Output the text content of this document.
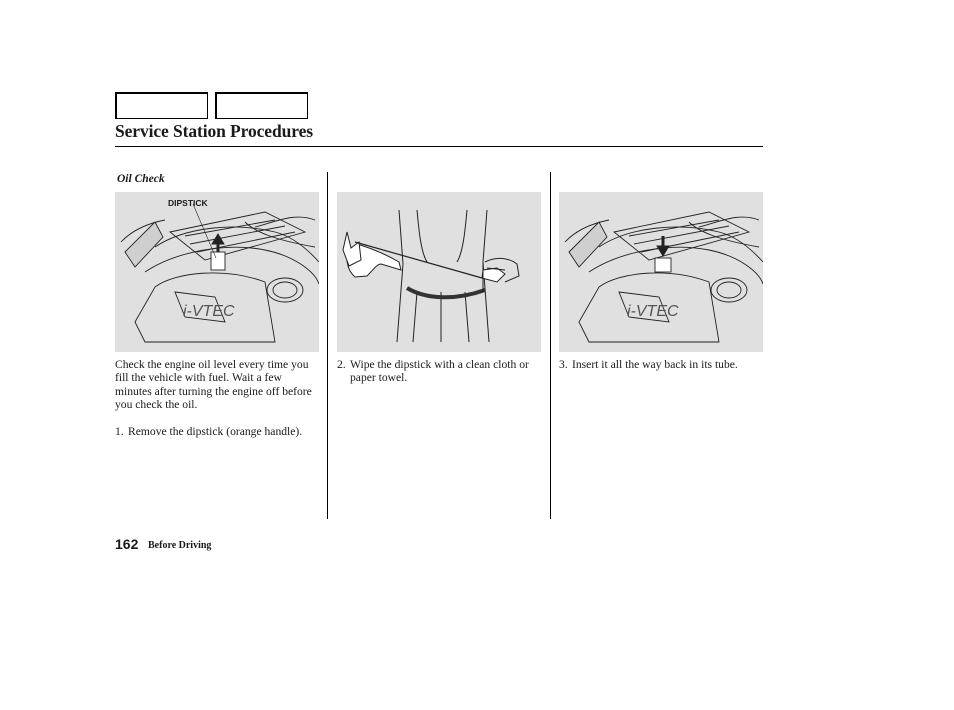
Service Station Procedures
Oil Check
i-VTEC
DIPSTICK
i-VTEC
Check the engine oil level every time you fill the vehicle with fuel. Wait a few minutes after turning the engine off before you check the oil.
1. Remove the dipstick (orange handle).
2. Wipe the dipstick with a clean cloth or paper towel.
3. Insert it all the way back in its tube.
162 Before Driving
